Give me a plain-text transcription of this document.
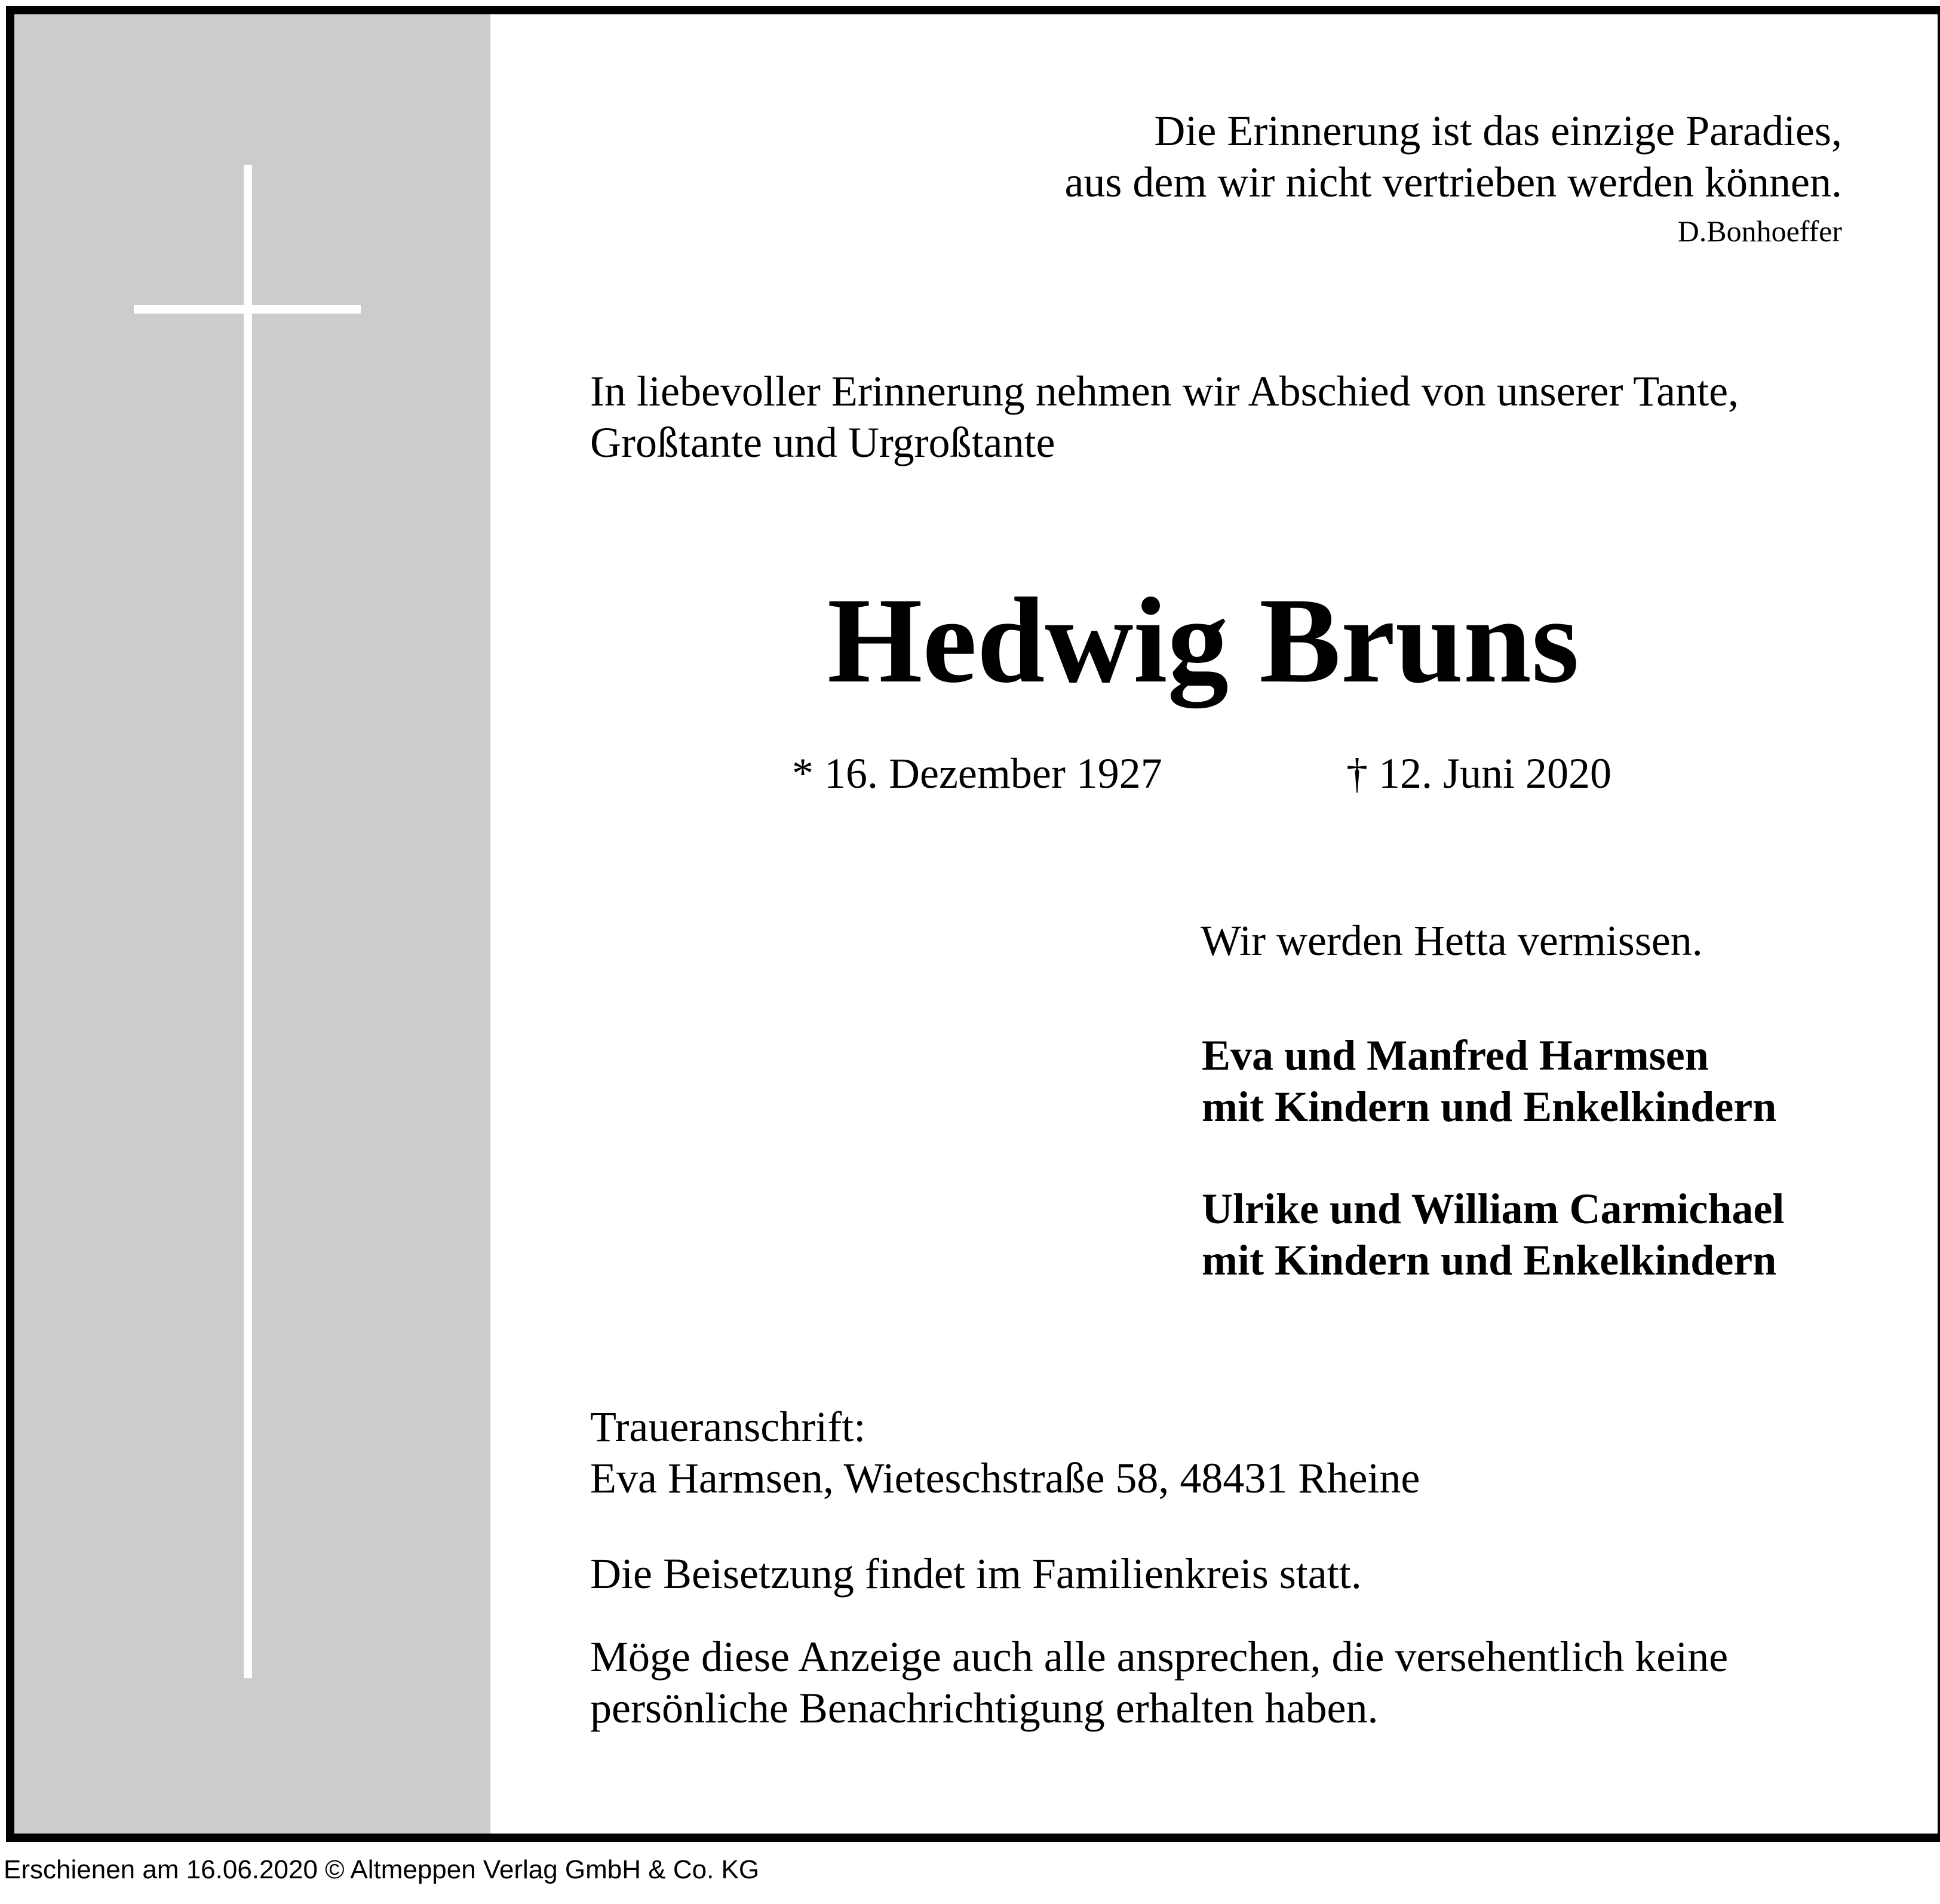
Die Erinnerung ist das einzige Paradies,
aus dem wir nicht vertrieben werden können.
D.Bonhoeffer
In liebevoller Erinnerung nehmen wir Abschied von unserer Tante,
Großtante und Urgroßtante
Hedwig Bruns
* 16. Dezember 1927	† 12. Juni 2020
Wir werden Hetta vermissen.
Eva und Manfred Harmsen
mit Kindern und Enkelkindern
Ulrike und William Carmichael
mit Kindern und Enkelkindern
Traueranschrift:
Eva Harmsen, Wieteschstraße 58, 48431 Rheine
Die Beisetzung findet im Familienkreis statt.
Möge diese Anzeige auch alle ansprechen, die versehentlich keine
persönliche Benachrichtigung erhalten haben.
Erschienen am 16.06.2020 © Altmeppen Verlag GmbH & Co. KG
